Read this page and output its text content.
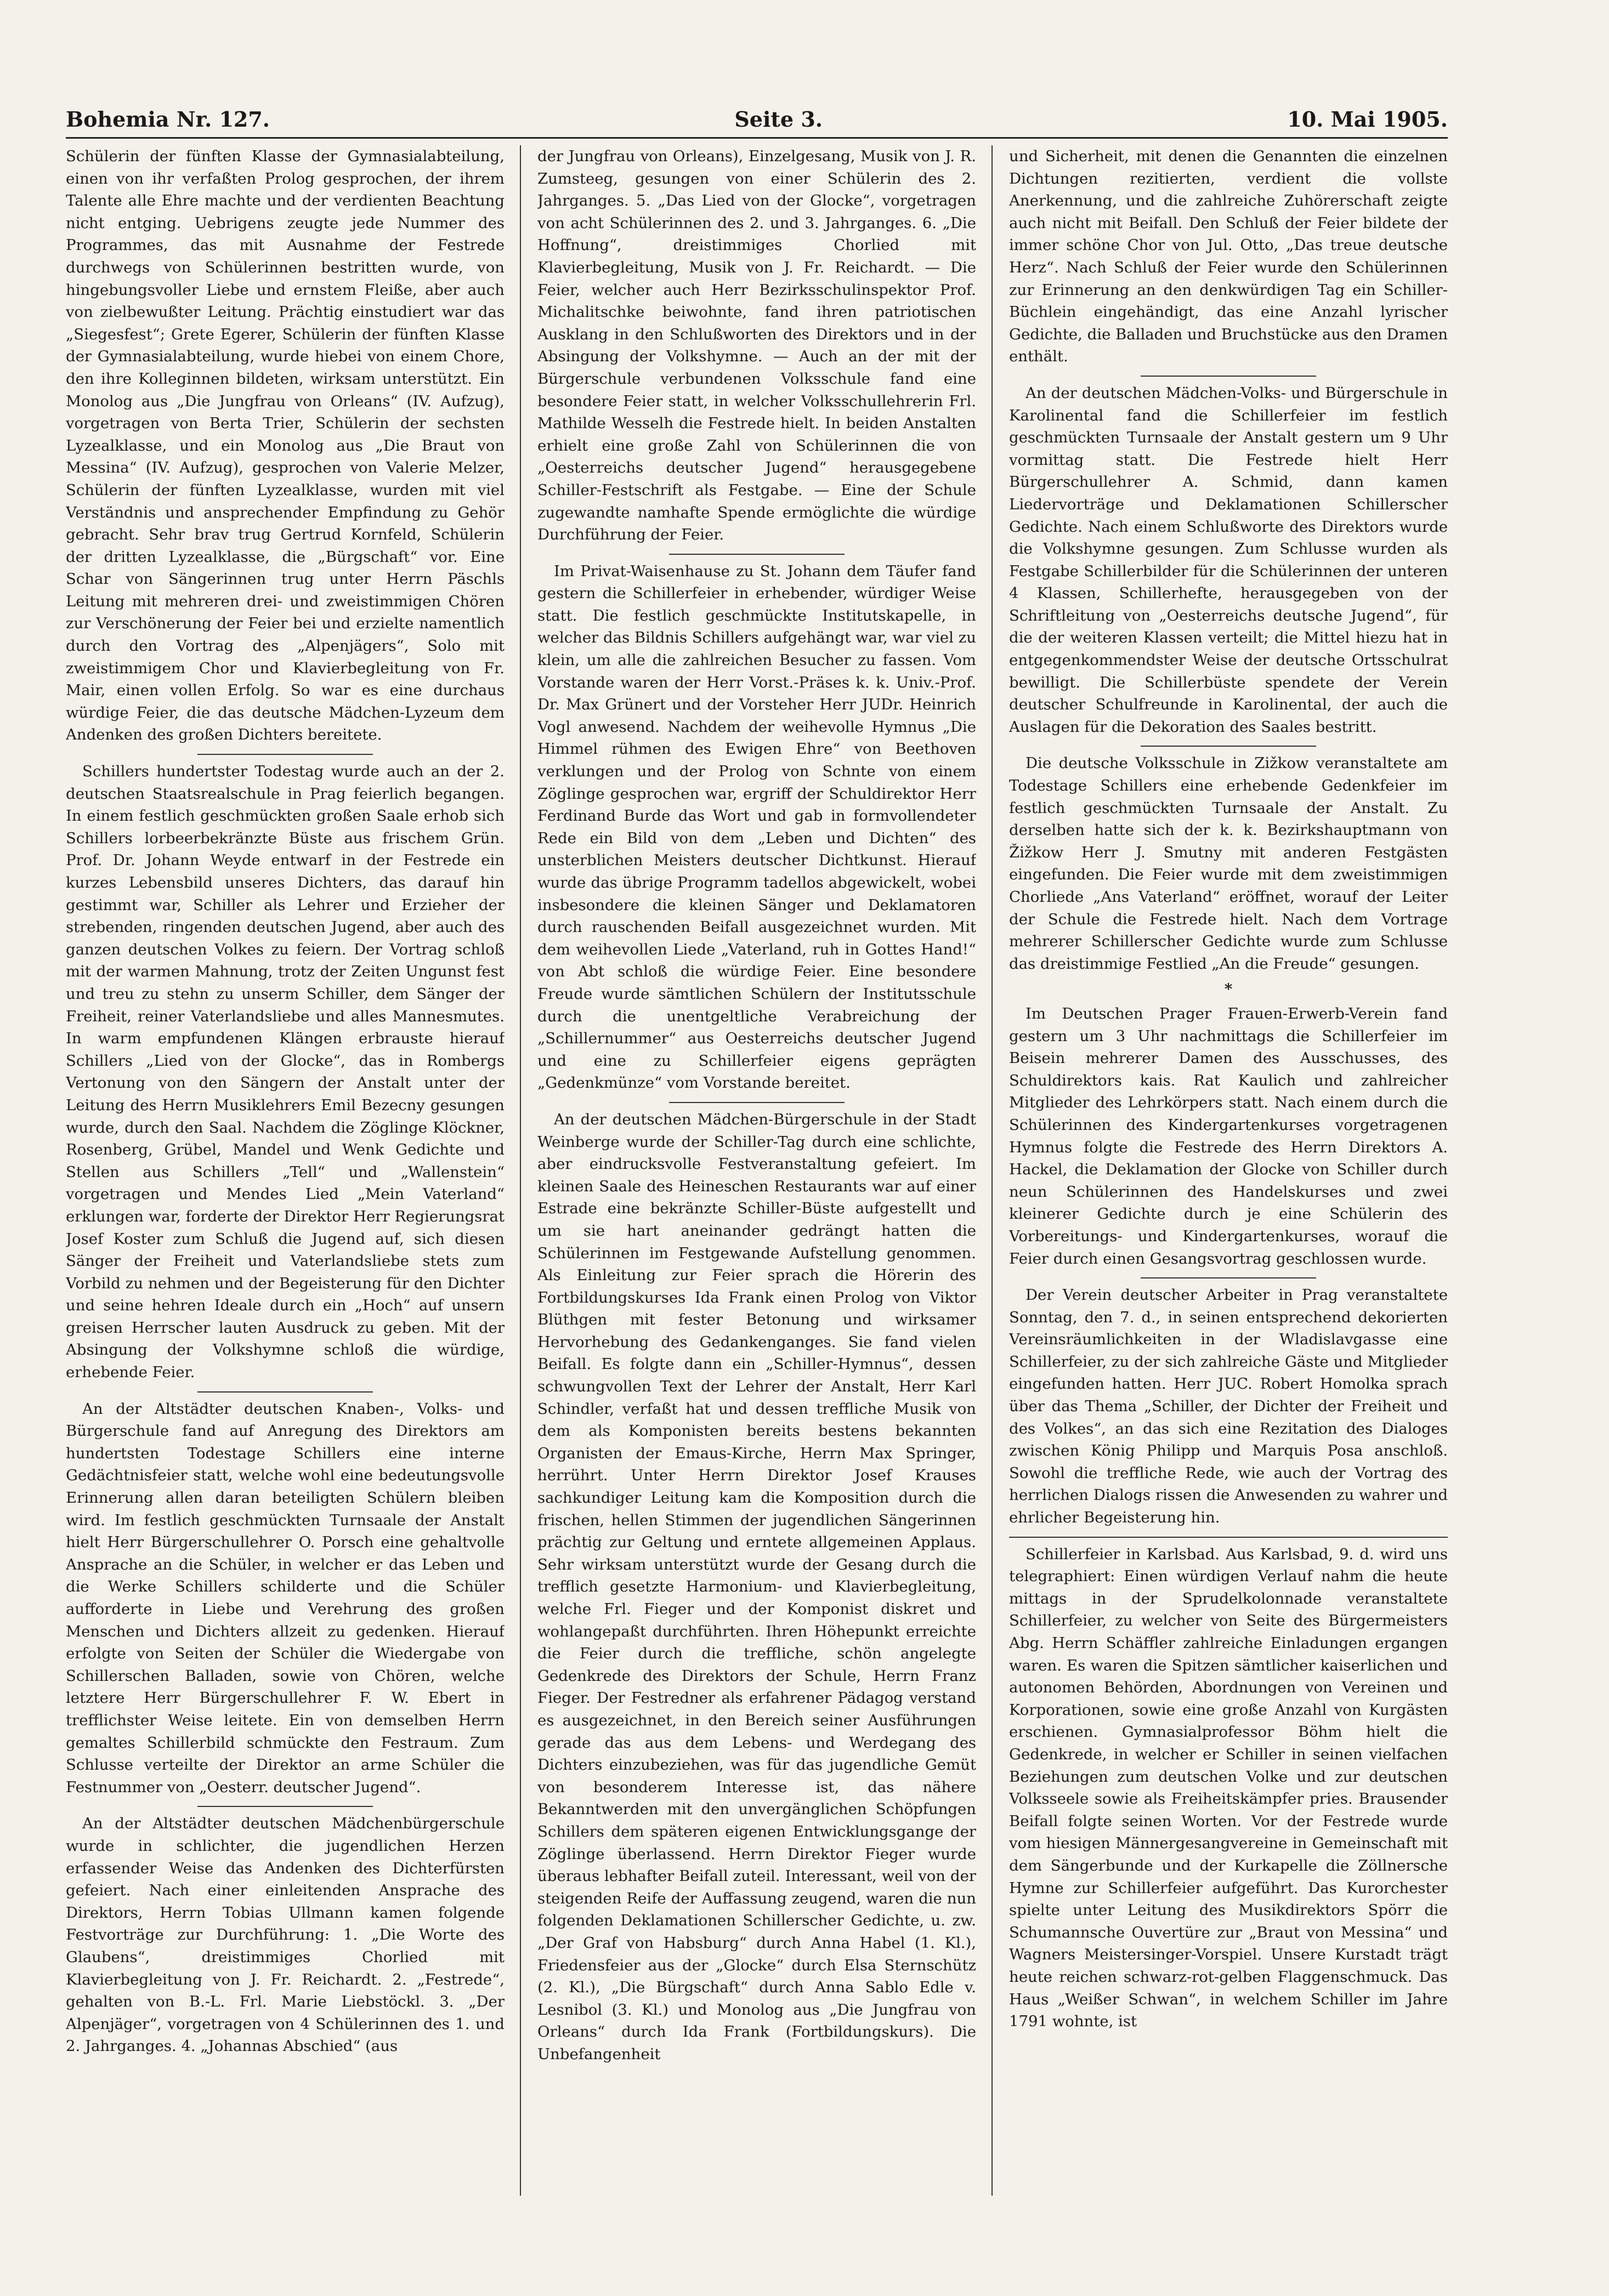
Bohemia Nr. 127.	Seite 3.	10. Mai 1905.

Schülerin der fünften Klasse der Gymnasialabteilung, einen von ihr verfaßten Prolog gesprochen, der ihrem Talente alle Ehre machte und der verdienten Beachtung nicht entging. Uebrigens zeugte jede Nummer des Programmes, das mit Ausnahme der Festrede durchwegs von Schülerinnen bestritten wurde, von hingebungsvoller Liebe und ernstem Fleiße, aber auch von zielbewußter Leitung. Prächtig einstudiert war das „Siegesfest“; Grete Egerer, Schülerin der fünften Klasse der Gymnasialabteilung, wurde hiebei von einem Chore, den ihre Kolleginnen bildeten, wirksam unterstützt. Ein Monolog aus „Die Jungfrau von Orleans“ (IV. Aufzug), vorgetragen von Berta Trier, Schülerin der sechsten Lyzealklasse, und ein Monolog aus „Die Braut von Messina“ (IV. Aufzug), gesprochen von Valerie Melzer, Schülerin der fünften Lyzealklasse, wurden mit viel Verständnis und ansprechender Empfindung zu Gehör gebracht. Sehr brav trug Gertrud Kornfeld, Schülerin der dritten Lyzealklasse, die „Bürgschaft“ vor. Eine Schar von Sängerinnen trug unter Herrn Päschls Leitung mit mehreren drei- und zweistimmigen Chören zur Verschönerung der Feier bei und erzielte namentlich durch den Vortrag des „Alpenjägers“, Solo mit zweistimmigem Chor und Klavierbegleitung von Fr. Mair, einen vollen Erfolg. So war es eine durchaus würdige Feier, die das deutsche Mädchen-Lyzeum dem Andenken des großen Dichters bereitete.

Schillers hundertster Todestag wurde auch an der 2. deutschen Staatsrealschule in Prag feierlich begangen. In einem festlich geschmückten großen Saale erhob sich Schillers lorbeerbekränzte Büste aus frischem Grün. Prof. Dr. Johann Weyde entwarf in der Festrede ein kurzes Lebensbild unseres Dichters, das darauf hin gestimmt war, Schiller als Lehrer und Erzieher der strebenden, ringenden deutschen Jugend, aber auch des ganzen deutschen Volkes zu feiern. Der Vortrag schloß mit der warmen Mahnung, trotz der Zeiten Ungunst fest und treu zu stehn zu unserm Schiller, dem Sänger der Freiheit, reiner Vaterlandsliebe und alles Mannesmutes. In warm empfundenen Klängen erbrauste hierauf Schillers „Lied von der Glocke“, das in Rombergs Vertonung von den Sängern der Anstalt unter der Leitung des Herrn Musiklehrers Emil Bezecny gesungen wurde, durch den Saal. Nachdem die Zöglinge Klöckner, Rosenberg, Grübel, Mandel und Wenk Gedichte und Stellen aus Schillers „Tell“ und „Wallenstein“ vorgetragen und Mendes Lied „Mein Vaterland“ erklungen war, forderte der Direktor Herr Regierungsrat Josef Koster zum Schluß die Jugend auf, sich diesen Sänger der Freiheit und Vaterlandsliebe stets zum Vorbild zu nehmen und der Begeisterung für den Dichter und seine hehren Ideale durch ein „Hoch“ auf unsern greisen Herrscher lauten Ausdruck zu geben. Mit der Absingung der Volkshymne schloß die würdige, erhebende Feier.

An der Altstädter deutschen Knaben-, Volks- und Bürgerschule fand auf Anregung des Direktors am hundertsten Todestage Schillers eine interne Gedächtnisfeier statt, welche wohl eine bedeutungsvolle Erinnerung allen daran beteiligten Schülern bleiben wird. Im festlich geschmückten Turnsaale der Anstalt hielt Herr Bürgerschullehrer O. Porsch eine gehaltvolle Ansprache an die Schüler, in welcher er das Leben und die Werke Schillers schilderte und die Schüler aufforderte in Liebe und Verehrung des großen Menschen und Dichters allzeit zu gedenken. Hierauf erfolgte von Seiten der Schüler die Wiedergabe von Schillerschen Balladen, sowie von Chören, welche letztere Herr Bürgerschullehrer F. W. Ebert in trefflichster Weise leitete. Ein von demselben Herrn gemaltes Schillerbild schmückte den Festraum. Zum Schlusse verteilte der Direktor an arme Schüler die Festnummer von „Oesterr. deutscher Jugend“.

An der Altstädter deutschen Mädchenbürgerschule wurde in schlichter, die jugendlichen Herzen erfassender Weise das Andenken des Dichterfürsten gefeiert. Nach einer einleitenden Ansprache des Direktors, Herrn Tobias Ullmann kamen folgende Festvorträge zur Durchführung: 1. „Die Worte des Glaubens“, dreistimmiges Chorlied mit Klavierbegleitung von J. Fr. Reichardt. 2. „Festrede“, gehalten von B.-L. Frl. Marie Liebstöckl. 3. „Der Alpenjäger“, vorgetragen von 4 Schülerinnen des 1. und 2. Jahrganges. 4. „Johannas Abschied“ (aus

der Jungfrau von Orleans), Einzelgesang, Musik von J. R. Zumsteeg, gesungen von einer Schülerin des 2. Jahrganges. 5. „Das Lied von der Glocke“, vorgetragen von acht Schülerinnen des 2. und 3. Jahrganges. 6. „Die Hoffnung“, dreistimmiges Chorlied mit Klavierbegleitung, Musik von J. Fr. Reichardt. — Die Feier, welcher auch Herr Bezirksschulinspektor Prof. Michalitschke beiwohnte, fand ihren patriotischen Ausklang in den Schlußworten des Direktors und in der Absingung der Volkshymne. — Auch an der mit der Bürgerschule verbundenen Volksschule fand eine besondere Feier statt, in welcher Volksschullehrerin Frl. Mathilde Wesselh die Festrede hielt. In beiden Anstalten erhielt eine große Zahl von Schülerinnen die von „Oesterreichs deutscher Jugend“ herausgegebene Schiller-Festschrift als Festgabe. — Eine der Schule zugewandte namhafte Spende ermöglichte die würdige Durchführung der Feier.

Im Privat-Waisenhause zu St. Johann dem Täufer fand gestern die Schillerfeier in erhebender, würdiger Weise statt. Die festlich geschmückte Institutskapelle, in welcher das Bildnis Schillers aufgehängt war, war viel zu klein, um alle die zahlreichen Besucher zu fassen. Vom Vorstande waren der Herr Vorst.-Präses k. k. Univ.-Prof. Dr. Max Grünert und der Vorsteher Herr JUDr. Heinrich Vogl anwesend. Nachdem der weihevolle Hymnus „Die Himmel rühmen des Ewigen Ehre“ von Beethoven verklungen und der Prolog von Schnte von einem Zöglinge gesprochen war, ergriff der Schuldirektor Herr Ferdinand Burde das Wort und gab in formvollendeter Rede ein Bild von dem „Leben und Dichten“ des unsterblichen Meisters deutscher Dichtkunst. Hierauf wurde das übrige Programm tadellos abgewickelt, wobei insbesondere die kleinen Sänger und Deklamatoren durch rauschenden Beifall ausgezeichnet wurden. Mit dem weihevollen Liede „Vaterland, ruh in Gottes Hand!“ von Abt schloß die würdige Feier. Eine besondere Freude wurde sämtlichen Schülern der Institutsschule durch die unentgeltliche Verabreichung der „Schillernummer“ aus Oesterreichs deutscher Jugend und eine zu Schillerfeier eigens geprägten „Gedenkmünze“ vom Vorstande bereitet.

An der deutschen Mädchen-Bürgerschule in der Stadt Weinberge wurde der Schiller-Tag durch eine schlichte, aber eindrucksvolle Festveranstaltung gefeiert. Im kleinen Saale des Heineschen Restaurants war auf einer Estrade eine bekränzte Schiller-Büste aufgestellt und um sie hart aneinander gedrängt hatten die Schülerinnen im Festgewande Aufstellung genommen. Als Einleitung zur Feier sprach die Hörerin des Fortbildungskurses Ida Frank einen Prolog von Viktor Blüthgen mit fester Betonung und wirksamer Hervorhebung des Gedankenganges. Sie fand vielen Beifall. Es folgte dann ein „Schiller-Hymnus“, dessen schwungvollen Text der Lehrer der Anstalt, Herr Karl Schindler, verfaßt hat und dessen treffliche Musik von dem als Komponisten bereits bestens bekannten Organisten der Emaus-Kirche, Herrn Max Springer, herrührt. Unter Herrn Direktor Josef Krauses sachkundiger Leitung kam die Komposition durch die frischen, hellen Stimmen der jugendlichen Sängerinnen prächtig zur Geltung und erntete allgemeinen Applaus. Sehr wirksam unterstützt wurde der Gesang durch die trefflich gesetzte Harmonium- und Klavierbegleitung, welche Frl. Fieger und der Komponist diskret und wohlangepaßt durchführten. Ihren Höhepunkt erreichte die Feier durch die treffliche, schön angelegte Gedenkrede des Direktors der Schule, Herrn Franz Fieger. Der Festredner als erfahrener Pädagog verstand es ausgezeichnet, in den Bereich seiner Ausführungen gerade das aus dem Lebens- und Werdegang des Dichters einzubeziehen, was für das jugendliche Gemüt von besonderem Interesse ist, das nähere Bekanntwerden mit den unvergänglichen Schöpfungen Schillers dem späteren eigenen Entwicklungsgange der Zöglinge überlassend. Herrn Direktor Fieger wurde überaus lebhafter Beifall zuteil. Interessant, weil von der steigenden Reife der Auffassung zeugend, waren die nun folgenden Deklamationen Schillerscher Gedichte, u. zw. „Der Graf von Habsburg“ durch Anna Habel (1. Kl.), Friedensfeier aus der „Glocke“ durch Elsa Sternschütz (2. Kl.), „Die Bürgschaft“ durch Anna Sablo Edle v. Lesnibol (3. Kl.) und Monolog aus „Die Jungfrau von Orleans“ durch Ida Frank (Fortbildungskurs). Die Unbefangenheit

und Sicherheit, mit denen die Genannten die einzelnen Dichtungen rezitierten, verdient die vollste Anerkennung, und die zahlreiche Zuhörerschaft zeigte auch nicht mit Beifall. Den Schluß der Feier bildete der immer schöne Chor von Jul. Otto, „Das treue deutsche Herz“. Nach Schluß der Feier wurde den Schülerinnen zur Erinnerung an den denkwürdigen Tag ein Schiller-Büchlein eingehändigt, das eine Anzahl lyrischer Gedichte, die Balladen und Bruchstücke aus den Dramen enthält.

An der deutschen Mädchen-Volks- und Bürgerschule in Karolinental fand die Schillerfeier im festlich geschmückten Turnsaale der Anstalt gestern um 9 Uhr vormittag statt. Die Festrede hielt Herr Bürgerschullehrer A. Schmid, dann kamen Liedervorträge und Deklamationen Schillerscher Gedichte. Nach einem Schlußworte des Direktors wurde die Volkshymne gesungen. Zum Schlusse wurden als Festgabe Schillerbilder für die Schülerinnen der unteren 4 Klassen, Schillerhefte, herausgegeben von der Schriftleitung von „Oesterreichs deutsche Jugend“, für die der weiteren Klassen verteilt; die Mittel hiezu hat in entgegenkommendster Weise der deutsche Ortsschulrat bewilligt. Die Schillerbüste spendete der Verein deutscher Schulfreunde in Karolinental, der auch die Auslagen für die Dekoration des Saales bestritt.

Die deutsche Volksschule in Zižkow veranstaltete am Todestage Schillers eine erhebende Gedenkfeier im festlich geschmückten Turnsaale der Anstalt. Zu derselben hatte sich der k. k. Bezirkshauptmann von Žižkow Herr J. Smutny mit anderen Festgästen eingefunden. Die Feier wurde mit dem zweistimmigen Chorliede „Ans Vaterland“ eröffnet, worauf der Leiter der Schule die Festrede hielt. Nach dem Vortrage mehrerer Schillerscher Gedichte wurde zum Schlusse das dreistimmige Festlied „An die Freude“ gesungen.

*

Im Deutschen Prager Frauen-Erwerb-Verein fand gestern um 3 Uhr nachmittags die Schillerfeier im Beisein mehrerer Damen des Ausschusses, des Schuldirektors kais. Rat Kaulich und zahlreicher Mitglieder des Lehrkörpers statt. Nach einem durch die Schülerinnen des Kindergartenkurses vorgetragenen Hymnus folgte die Festrede des Herrn Direktors A. Hackel, die Deklamation der Glocke von Schiller durch neun Schülerinnen des Handelskurses und zwei kleinerer Gedichte durch je eine Schülerin des Vorbereitungs- und Kindergartenkurses, worauf die Feier durch einen Gesangsvortrag geschlossen wurde.

Der Verein deutscher Arbeiter in Prag veranstaltete Sonntag, den 7. d., in seinen entsprechend dekorierten Vereinsräumlichkeiten in der Wladislavgasse eine Schillerfeier, zu der sich zahlreiche Gäste und Mitglieder eingefunden hatten. Herr JUC. Robert Homolka sprach über das Thema „Schiller, der Dichter der Freiheit und des Volkes“, an das sich eine Rezitation des Dialoges zwischen König Philipp und Marquis Posa anschloß. Sowohl die treffliche Rede, wie auch der Vortrag des herrlichen Dialogs rissen die Anwesenden zu wahrer und ehrlicher Begeisterung hin.

Schillerfeier in Karlsbad. Aus Karlsbad, 9. d. wird uns telegraphiert: Einen würdigen Verlauf nahm die heute mittags in der Sprudelkolonnade veranstaltete Schillerfeier, zu welcher von Seite des Bürgermeisters Abg. Herrn Schäffler zahlreiche Einladungen ergangen waren. Es waren die Spitzen sämtlicher kaiserlichen und autonomen Behörden, Abordnungen von Vereinen und Korporationen, sowie eine große Anzahl von Kurgästen erschienen. Gymnasialprofessor Böhm hielt die Gedenkrede, in welcher er Schiller in seinen vielfachen Beziehungen zum deutschen Volke und zur deutschen Volksseele sowie als Freiheitskämpfer pries. Brausender Beifall folgte seinen Worten. Vor der Festrede wurde vom hiesigen Männergesangvereine in Gemeinschaft mit dem Sängerbunde und der Kurkapelle die Zöllnersche Hymne zur Schillerfeier aufgeführt. Das Kurorchester spielte unter Leitung des Musikdirektors Spörr die Schumannsche Ouvertüre zur „Braut von Messina“ und Wagners Meistersinger-Vorspiel. Unsere Kurstadt trägt heute reichen schwarz-rot-gelben Flaggenschmuck. Das Haus „Weißer Schwan“, in welchem Schiller im Jahre 1791 wohnte, ist
